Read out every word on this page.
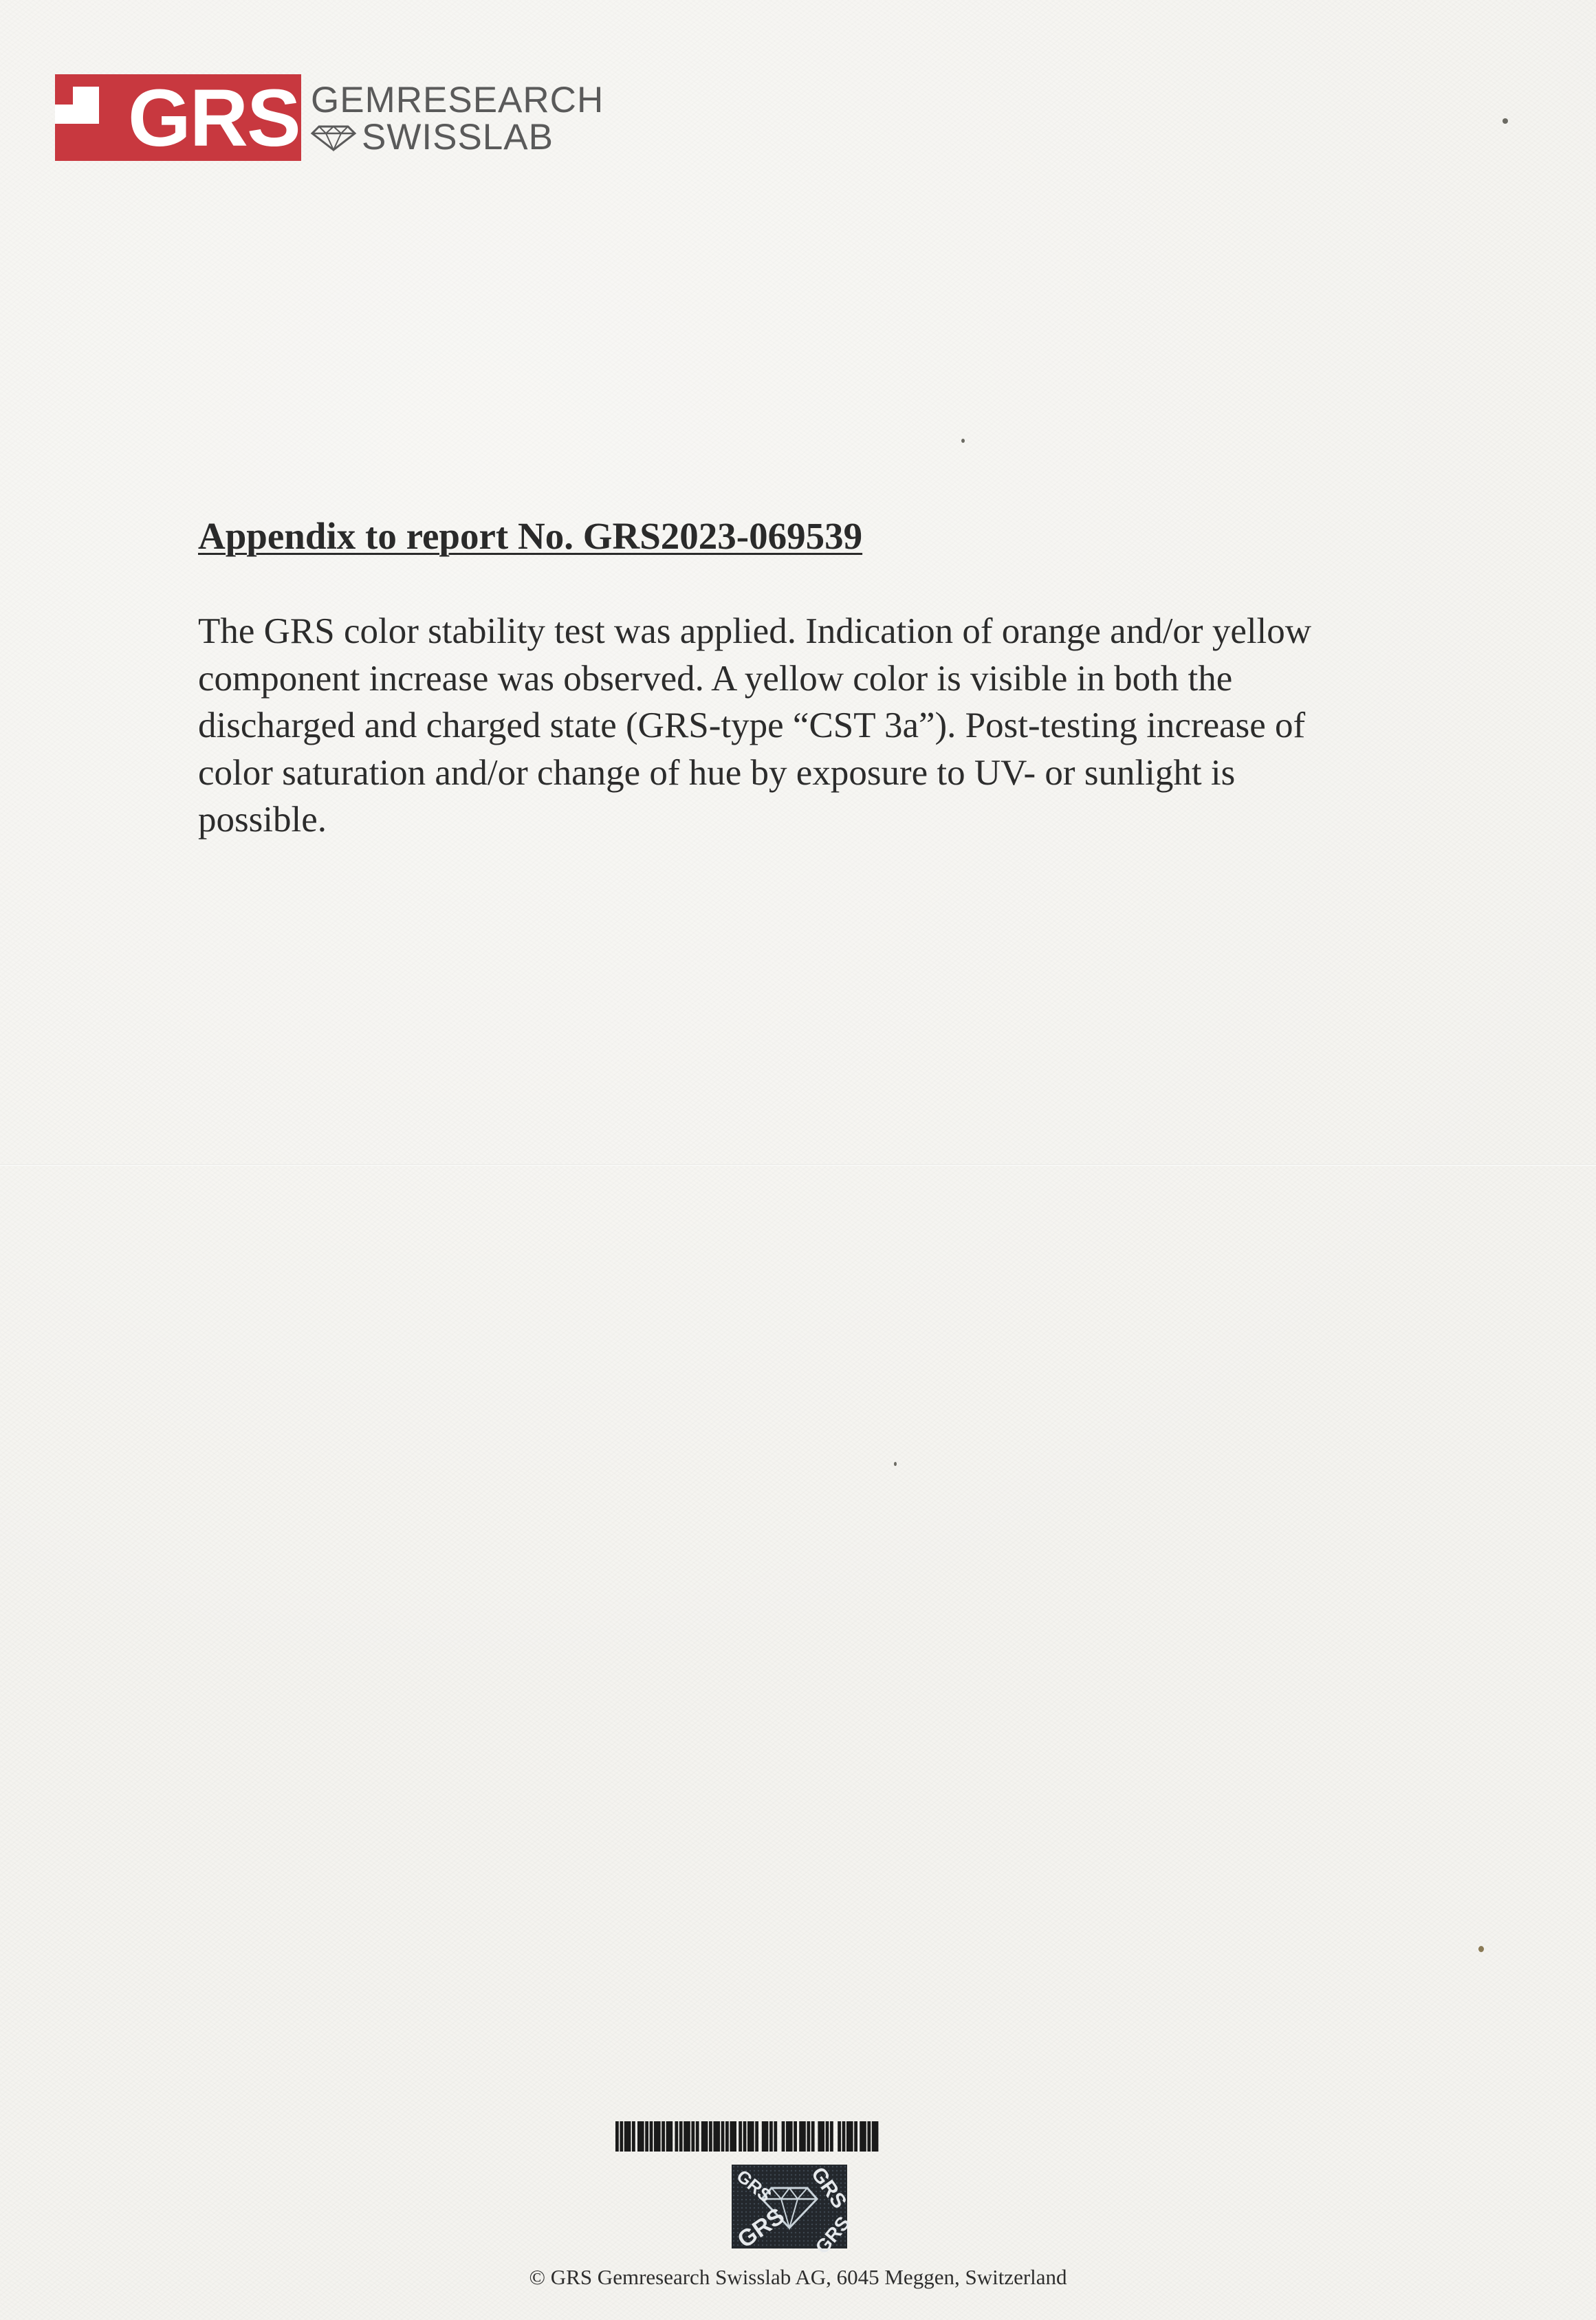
GRS GEMRESEARCH
SWISSLAB
Appendix to report No. GRS2023-069539
The GRS color stability test was applied. Indication of orange and/or yellow
component increase was observed. A yellow color is visible in both the
discharged and charged state (GRS-type “CST 3a”). Post-testing increase of
color saturation and/or change of hue by exposure to UV- or sunlight is
possible.
GRS
GRS
GRS
GRS
© GRS Gemresearch Swisslab AG, 6045 Meggen, Switzerland
